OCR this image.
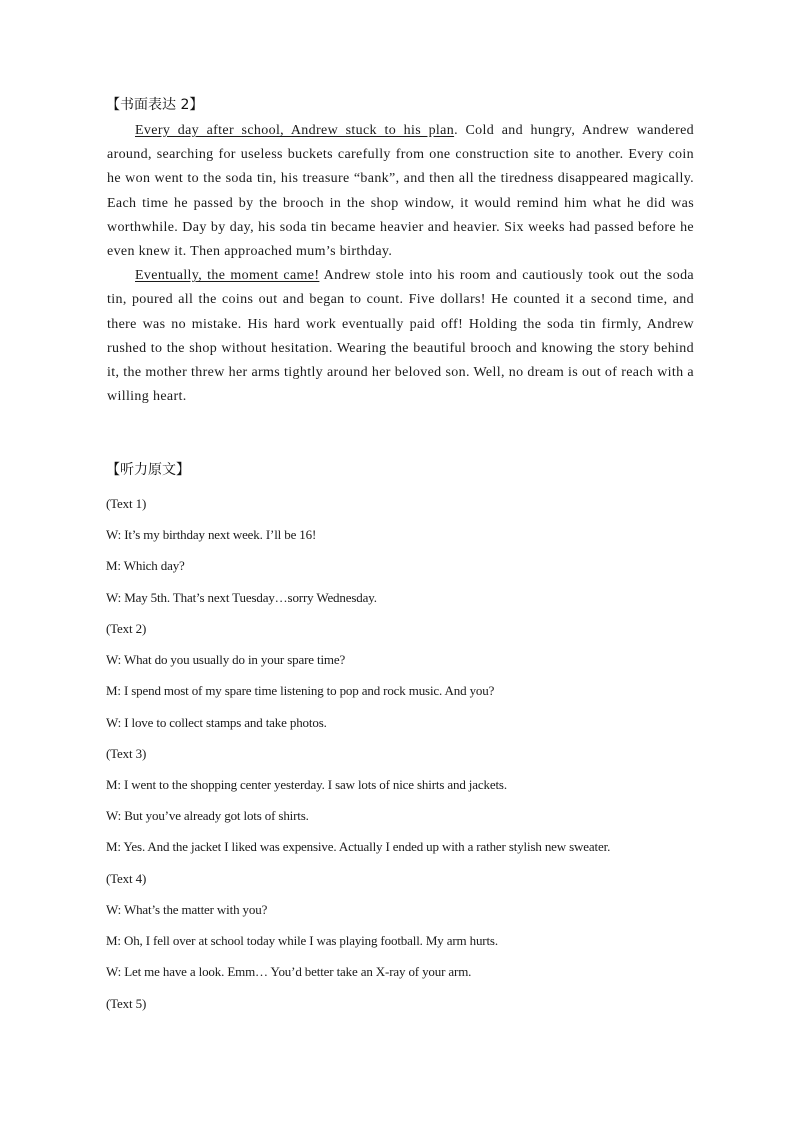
【书面表达 2】

Every day after school, Andrew stuck to his plan. Cold and hungry, Andrew wandered around, searching for useless buckets carefully from one construction site to another. Every coin he won went to the soda tin, his treasure “bank”, and then all the tiredness disappeared magically. Each time he passed by the brooch in the shop window, it would remind him what he did was worthwhile. Day by day, his soda tin became heavier and heavier. Six weeks had passed before he even knew it. Then approached mum’s birthday.

Eventually, the moment came! Andrew stole into his room and cautiously took out the soda tin, poured all the coins out and began to count. Five dollars! He counted it a second time, and there was no mistake. His hard work eventually paid off! Holding the soda tin firmly, Andrew rushed to the shop without hesitation. Wearing the beautiful brooch and knowing the story behind it, the mother threw her arms tightly around her beloved son. Well, no dream is out of reach with a willing heart.

【听力原文】
(Text 1)
W: It’s my birthday next week. I’ll be 16!
M: Which day?
W: May 5th. That’s next Tuesday…sorry Wednesday.
(Text 2)
W: What do you usually do in your spare time?
M: I spend most of my spare time listening to pop and rock music. And you?
W: I love to collect stamps and take photos.
(Text 3)
M: I went to the shopping center yesterday. I saw lots of nice shirts and jackets.
W: But you’ve already got lots of shirts.
M: Yes. And the jacket I liked was expensive. Actually I ended up with a rather stylish new sweater.
(Text 4)
W: What’s the matter with you?
M: Oh, I fell over at school today while I was playing football. My arm hurts.
W: Let me have a look. Emm… You’d better take an X-ray of your arm.
(Text 5)
